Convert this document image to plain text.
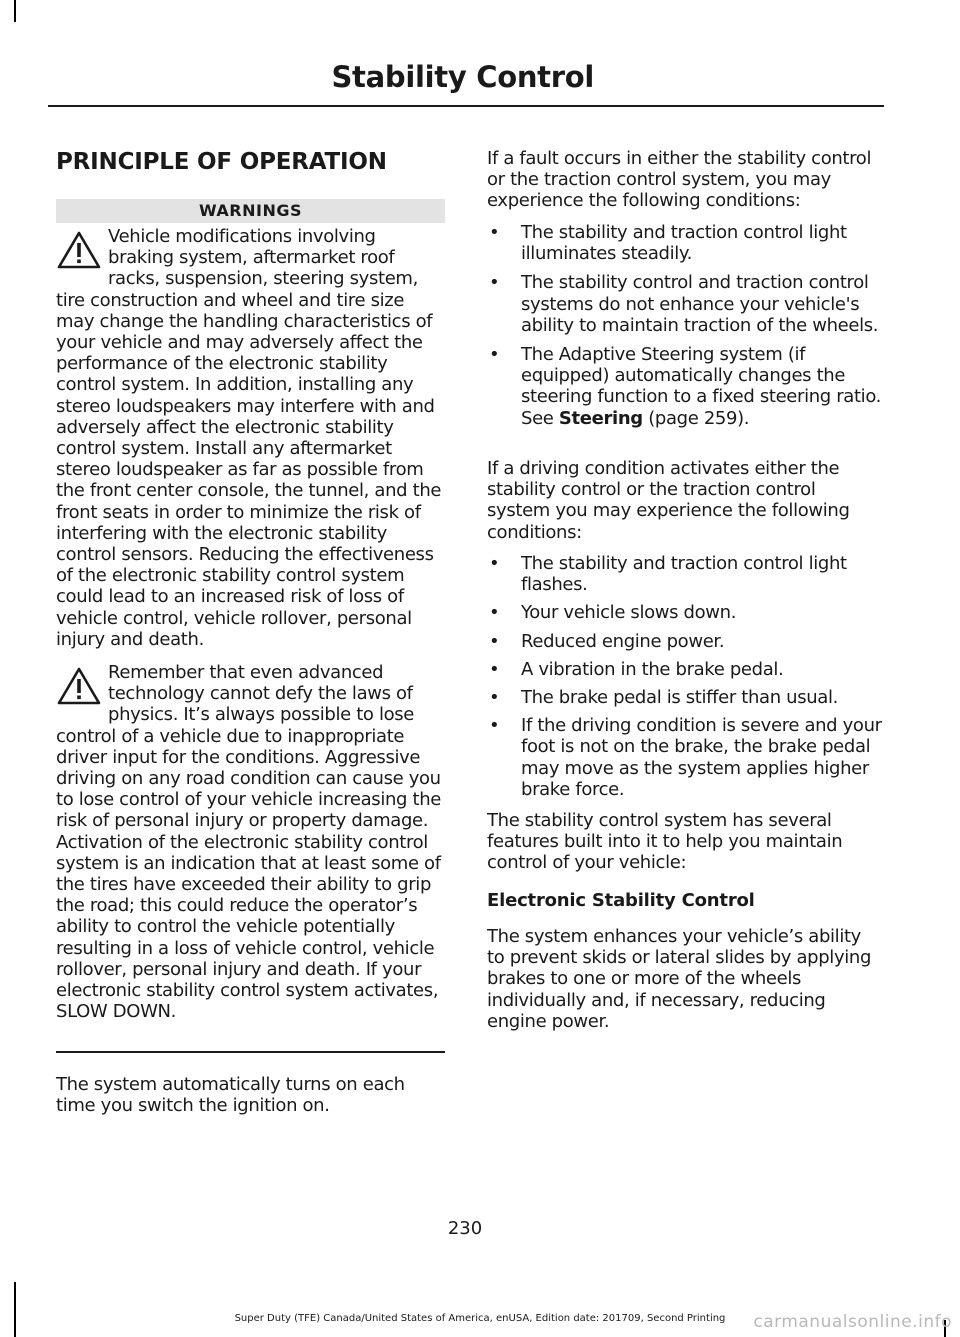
Stability Control
PRINCIPLE OF OPERATION
WARNINGS
Vehicle modifications involving braking system, aftermarket roof racks, suspension, steering system, tire construction and wheel and tire size may change the handling characteristics of your vehicle and may adversely affect the performance of the electronic stability control system. In addition, installing any stereo loudspeakers may interfere with and adversely affect the electronic stability control system. Install any aftermarket stereo loudspeaker as far as possible from the front center console, the tunnel, and the front seats in order to minimize the risk of interfering with the electronic stability control sensors. Reducing the effectiveness of the electronic stability control system could lead to an increased risk of loss of vehicle control, vehicle rollover, personal injury and death.
Remember that even advanced technology cannot defy the laws of physics. It’s always possible to lose control of a vehicle due to inappropriate driver input for the conditions. Aggressive driving on any road condition can cause you to lose control of your vehicle increasing the risk of personal injury or property damage. Activation of the electronic stability control system is an indication that at least some of the tires have exceeded their ability to grip the road; this could reduce the operator’s ability to control the vehicle potentially resulting in a loss of vehicle control, vehicle rollover, personal injury and death. If your electronic stability control system activates, SLOW DOWN.

The system automatically turns on each time you switch the ignition on.

If a fault occurs in either the stability control or the traction control system, you may experience the following conditions:

• The stability and traction control light illuminates steadily.
• The stability control and traction control systems do not enhance your vehicle's ability to maintain traction of the wheels.
• The Adaptive Steering system (if equipped) automatically changes the steering function to a fixed steering ratio. See Steering (page 259).

If a driving condition activates either the stability control or the traction control system you may experience the following conditions:

• The stability and traction control light flashes.
• Your vehicle slows down.
• Reduced engine power.
• A vibration in the brake pedal.
• The brake pedal is stiffer than usual.
• If the driving condition is severe and your foot is not on the brake, the brake pedal may move as the system applies higher brake force.

The stability control system has several features built into it to help you maintain control of your vehicle:

Electronic Stability Control

The system enhances your vehicle’s ability to prevent skids or lateral slides by applying brakes to one or more of the wheels individually and, if necessary, reducing engine power.

230
Super Duty (TFE) Canada/United States of America, enUSA, Edition date: 201709, Second Printing	carmanualsonline.info
